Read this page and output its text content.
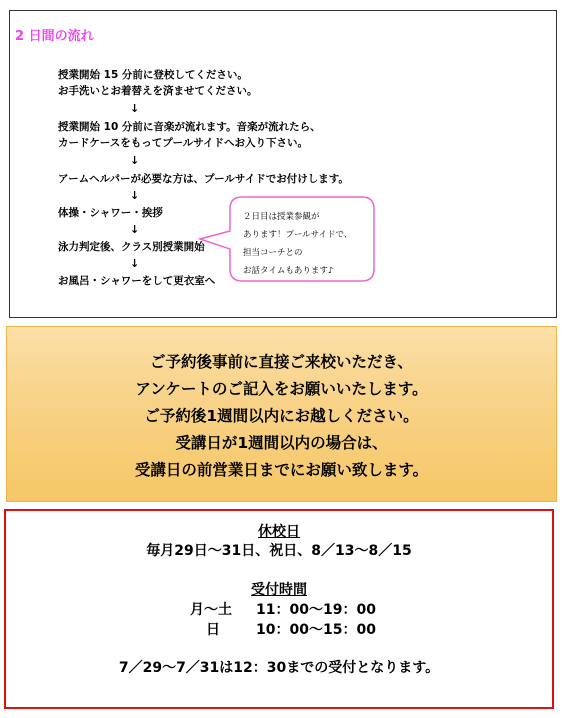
2 日間の流れ
授業開始 15 分前に登校してください。
お手洗いとお着替えを済ませてください。
↓
授業開始 10 分前に音楽が流れます。音楽が流れたら、
カードケースをもってプールサイドへお入り下さい。
↓
アームヘルパーが必要な方は、プールサイドでお付けします。
↓
体操・シャワー・挨拶
↓
泳力判定後、クラス別授業開始
↓
お風呂・シャワーをして更衣室へ
２日目は授業参観が
あります！プールサイドで、
担当コーチとの
お話タイムもあります♪
ご予約後事前に直接ご来校いただき、
アンケートのご記入をお願いいたします。
ご予約後1週間以内にお越しください。
受講日が1週間以内の場合は、
受講日の前営業日までにお願い致します。
休校日
毎月29日～31日、祝日、8／13～8／15
受付時間
月～土 11：00～19：00
日	10：00～15：00
7／29～7／31は12：30までの受付となります。
